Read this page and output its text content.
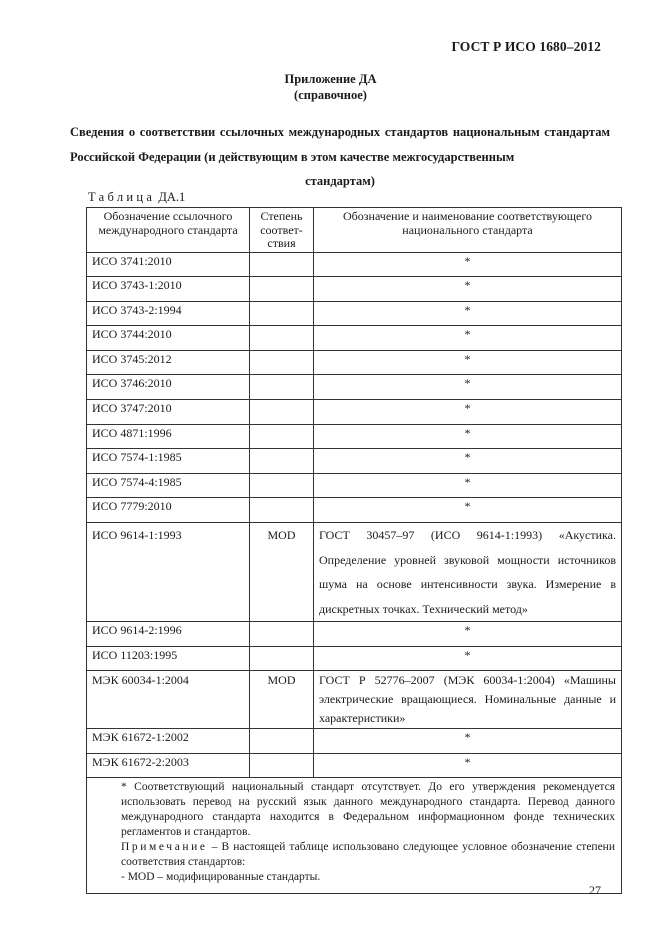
ГОСТ Р ИСО 1680–2012
Приложение ДА
(справочное)
Сведения о соответствии ссылочных международных стандартов национальным стандартам Российской Федерации (и действующим в этом качестве межгосударственным
стандартам)
Таблица ДА.1
Обозначение ссылочного международного стандарта	Степень соответ-ствия	Обозначение и наименование соответствующего национального стандарта
ИСО 3741:2010		*
ИСО 3743-1:2010		*
ИСО 3743-2:1994		*
ИСО 3744:2010		*
ИСО 3745:2012		*
ИСО 3746:2010		*
ИСО 3747:2010		*
ИСО 4871:1996		*
ИСО 7574-1:1985		*
ИСО 7574-4:1985		*
ИСО 7779:2010		*
ИСО 9614-1:1993	MOD	ГОСТ 30457–97 (ИСО 9614-1:1993) «Акустика. Определение уровней звуковой мощности источников шума на основе интенсивности звука. Измерение в дискретных точках. Технический метод»
ИСО 9614-2:1996		*
ИСО 11203:1995		*
МЭК 60034-1:2004	MOD	ГОСТ Р 52776–2007 (МЭК 60034-1:2004) «Машины электрические вращающиеся. Номинальные данные и характеристики»
МЭК 61672-1:2002		*
МЭК 61672-2:2003		*

* Соответствующий национальный стандарт отсутствует. До его утверждения рекомендуется использовать перевод на русский язык данного международного стандарта. Перевод данного международного стандарта находится в Федеральном информационном фонде технических регламентов и стандартов.
Примечание – В настоящей таблице использовано следующее условное обозначение степени соответствия стандартов:
- MOD – модифицированные стандарты.		
27
